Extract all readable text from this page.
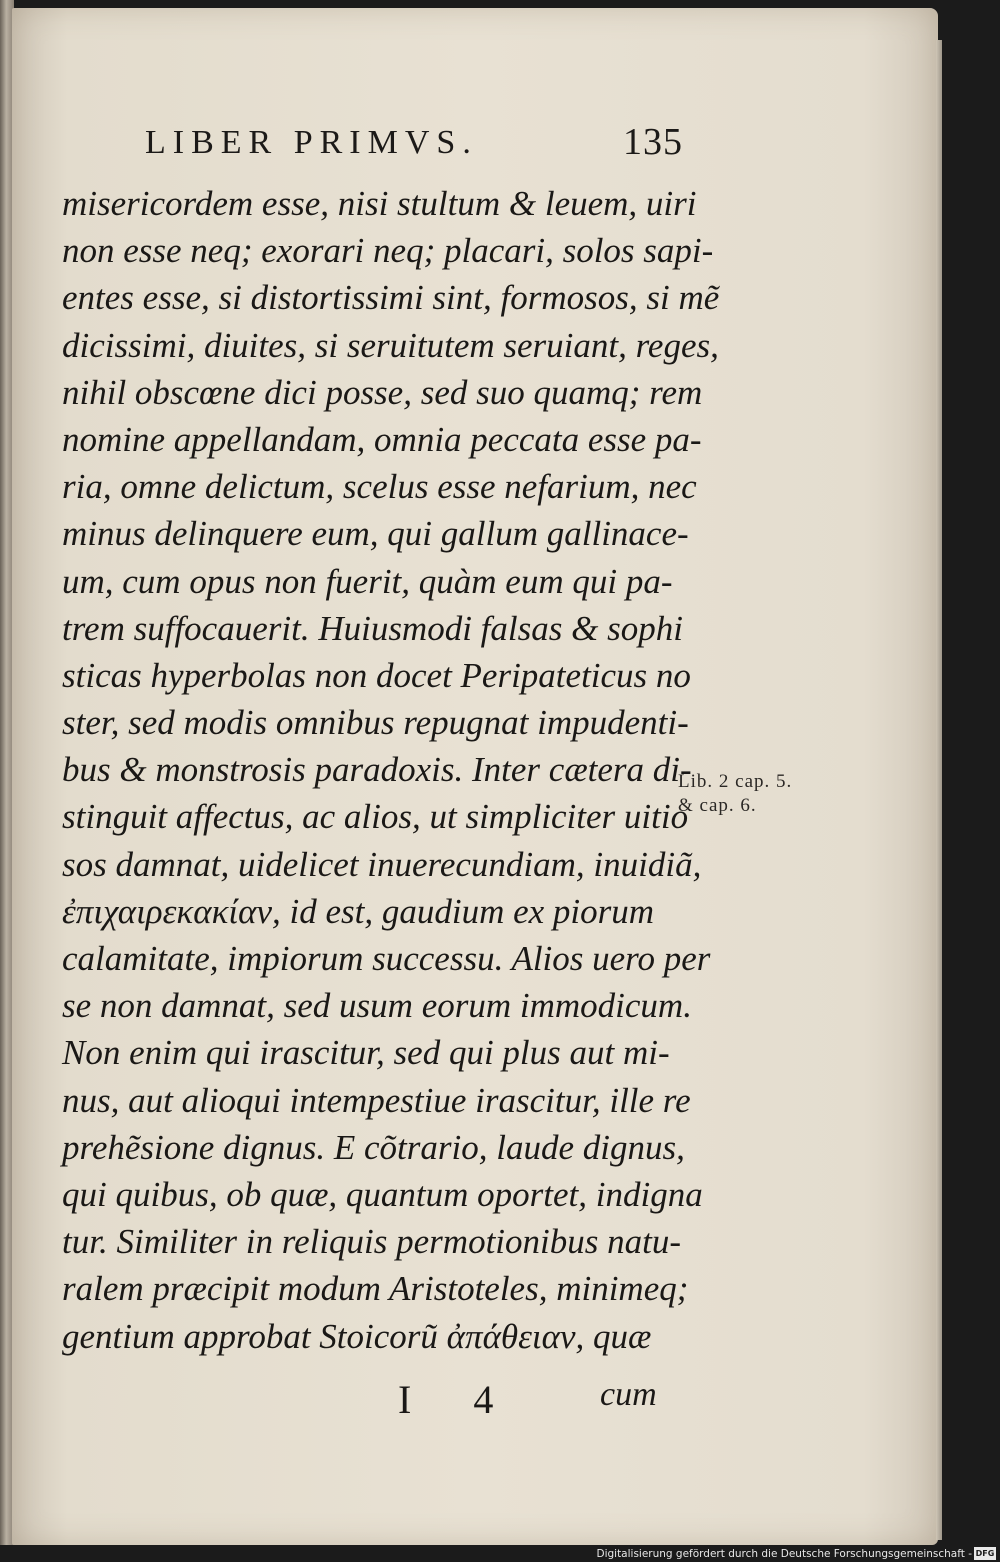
LIBER PRIMVS.	135
misericordem esse, nisi stultum & leuem, uiri
non esse neq; exorari neq; placari, solos sapi-
entes esse, si distortissimi sint, formosos, si mẽ
dicissimi, diuites, si seruitutem seruiant, reges,
nihil obscœne dici posse, sed suo quamq; rem
nomine appellandam, omnia peccata esse pa-
ria, omne delictum, scelus esse nefarium, nec
minus delinquere eum, qui gallum gallinace-
um, cum opus non fuerit, quàm eum qui pa-
trem suffocauerit. Huiusmodi falsas & sophi
sticas hyperbolas non docet Peripateticus no
ster, sed modis omnibus repugnat impudenti-
bus & monstrosis paradoxis. Inter cætera di-
stinguit affectus, ac alios, ut simpliciter uitio
sos damnat, uidelicet inuerecundiam, inuidiã,
ἐπιχαιρεκακίαν, id est, gaudium ex piorum
calamitate, impiorum successu. Alios uero per
se non damnat, sed usum eorum immodicum.
Non enim qui irascitur, sed qui plus aut mi-
nus, aut alioqui intempestiue irascitur, ille re
prehẽsione dignus. E cõtrario, laude dignus,
qui quibus, ob quæ, quantum oportet, indigna
tur. Similiter in reliquis permotionibus natu-
ralem præcipit modum Aristoteles, minimeq;
gentium approbat Stoicorũ ἀπάθειαν, quæ
Lib. 2 cap. 5.
& cap. 6.
I 4 cum
Digitalisierung gefördert durch die Deutsche Forschungsgemeinschaft - DFG
